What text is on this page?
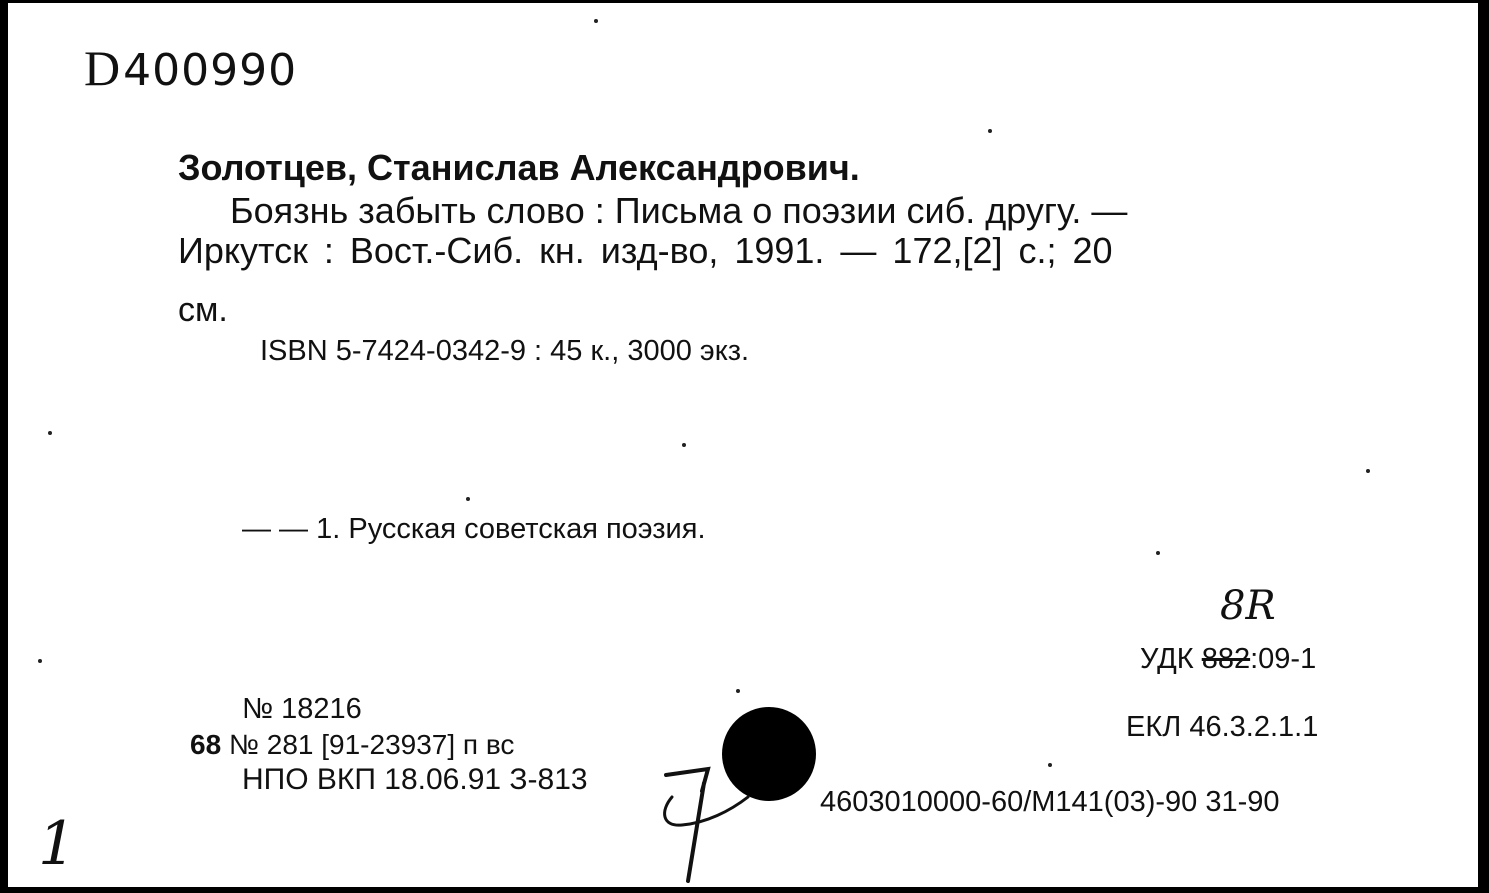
D400990
Золотцев, Станислав Александрович.
Боязнь забыть слово : Письма о поэзии сиб. другу. —
Иркутск : Вост.-Сиб. кн. изд-во, 1991. — 172,[2] с.; 20
см.
ISBN 5-7424-0342-9 : 45 к., 3000 экз.
— — 1. Русская советская поэзия.
8R
УДК 882:09-1
ЕКЛ 46.3.2.1.1
№ 18216
68 № 281 [91-23937] п вс
НПО ВКП 18.06.91 З-813
4603010000-60/М141(03)-90 31-90
1
